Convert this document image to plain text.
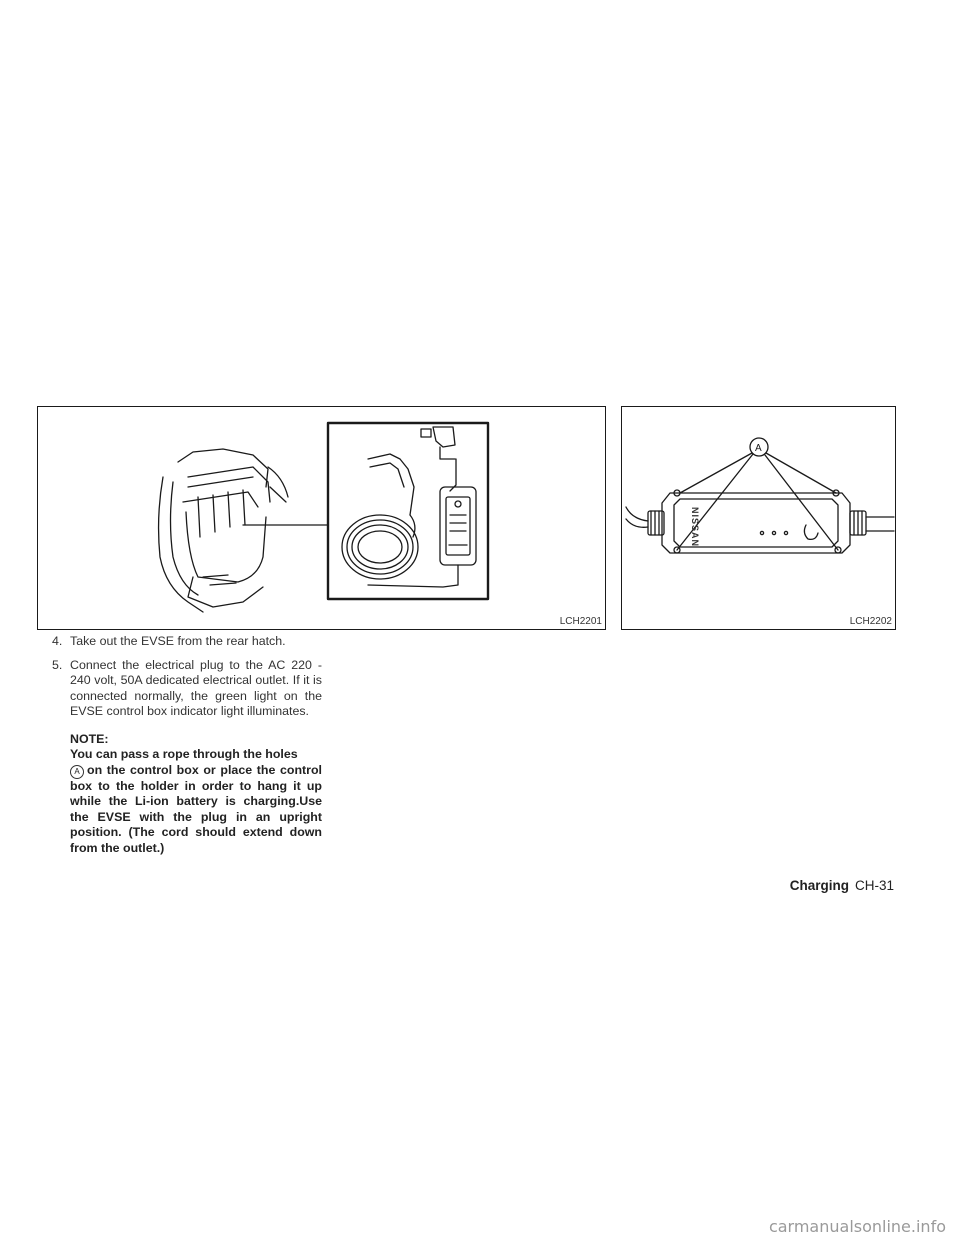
LCH2201
NISSAN
A
LCH2202
4. Take out the EVSE from the rear hatch.
5. Connect the electrical plug to the AC 220 - 240 volt, 50A dedicated electrical outlet. If it is connected normally, the green light on the EVSE control box indicator light illuminates.
NOTE:
You can pass a rope through the holes
A on the control box or place the control box to the holder in order to hang it up while the Li-ion battery is charging.Use the EVSE with the plug in an upright position. (The cord should extend down from the outlet.)
Charging CH-31
carmanualsonline.info
